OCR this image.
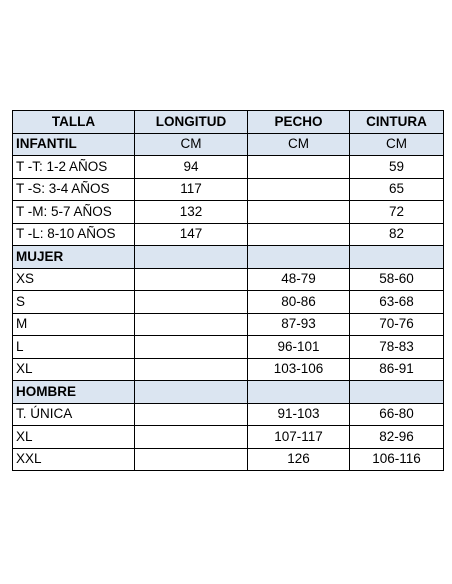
TALLA	LONGITUD	PECHO	CINTURA
INFANTIL	CM	CM	CM
T -T: 1-2 AÑOS	94		59
T -S: 3-4 AÑOS	117		65
T -M: 5-7 AÑOS	132		72
T -L: 8-10 AÑOS	147		82
MUJER			
XS		48-79	58-60
S		80-86	63-68
M		87-93	70-76
L		96-101	78-83
XL		103-106	86-91
HOMBRE			
T. ÚNICA		91-103	66-80
XL		107-117	82-96
XXL		126	106-116
